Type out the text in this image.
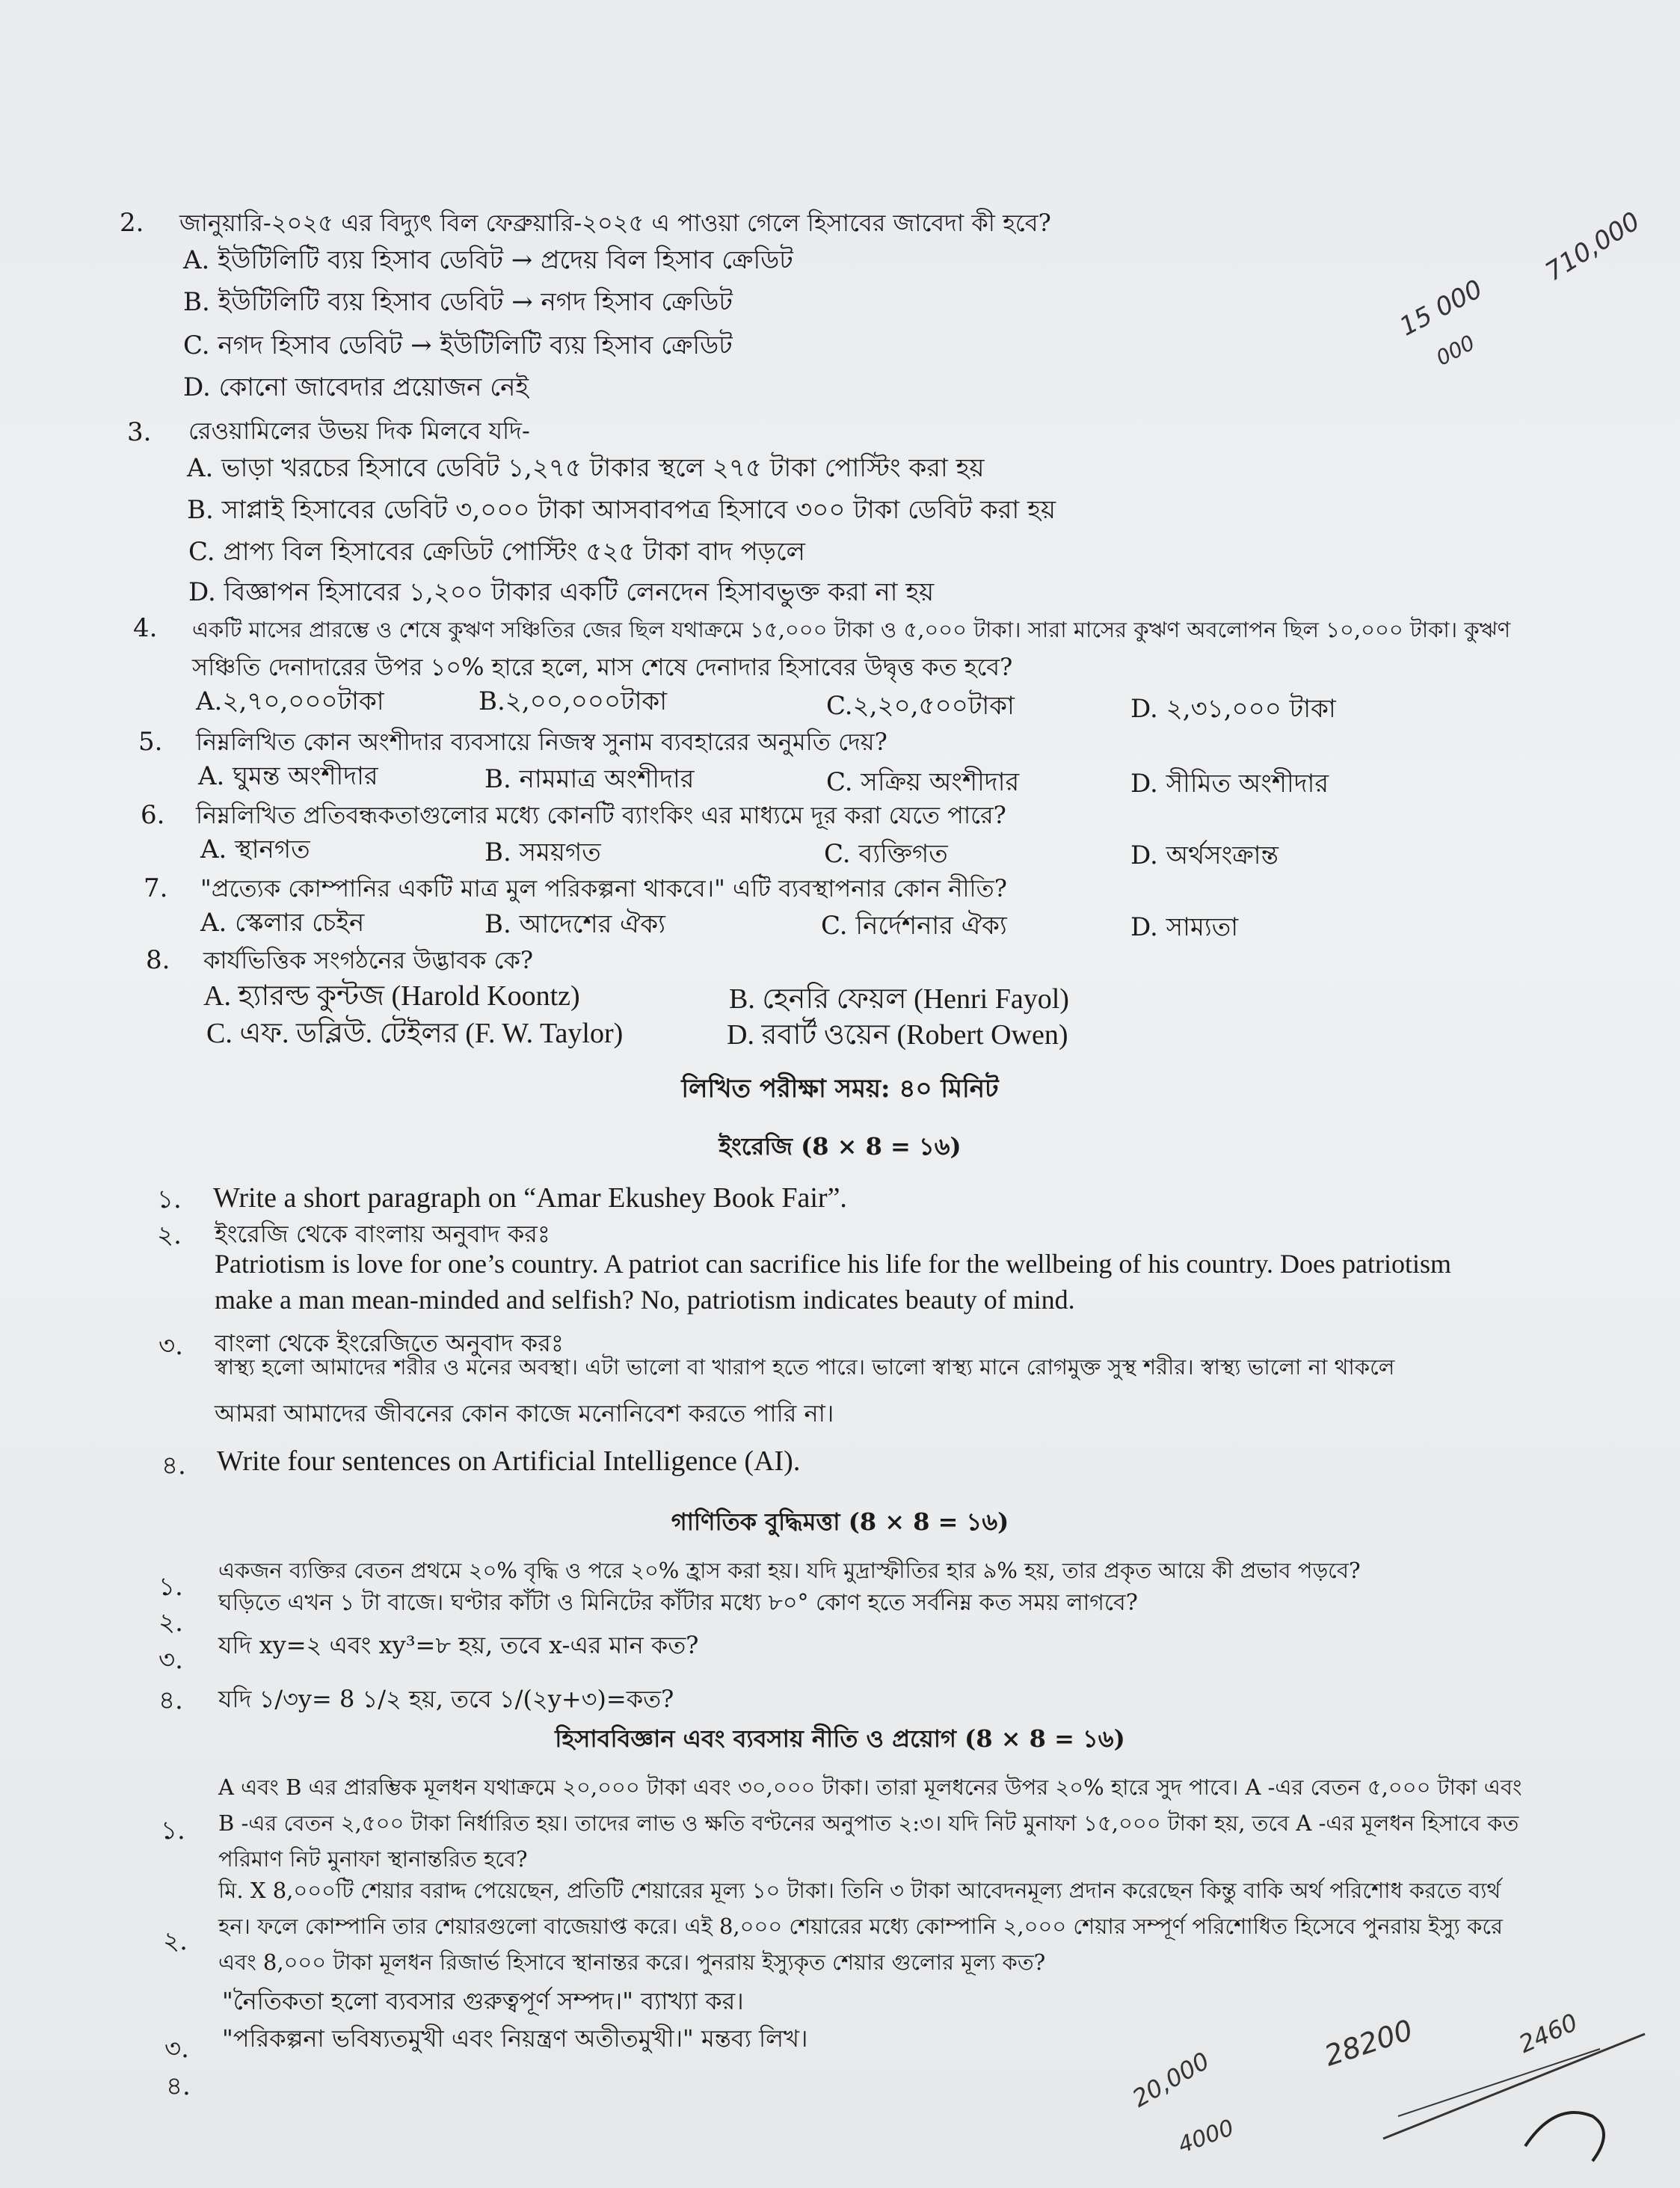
2. জানুয়ারি-২০২৫ এর বিদ্যুৎ বিল ফেব্রুয়ারি-২০২৫ এ পাওয়া গেলে হিসাবের জাবেদা কী হবে?
A. ইউটিলিটি ব্যয় হিসাব ডেবিট → প্রদেয় বিল হিসাব ক্রেডিট
B. ইউটিলিটি ব্যয় হিসাব ডেবিট → নগদ হিসাব ক্রেডিট
C. নগদ হিসাব ডেবিট → ইউটিলিটি ব্যয় হিসাব ক্রেডিট
D. কোনো জাবেদার প্রয়োজন নেই
3. রেওয়ামিলের উভয় দিক মিলবে যদি-
A. ভাড়া খরচের হিসাবে ডেবিট ১,২৭৫ টাকার স্থলে ২৭৫ টাকা পোস্টিং করা হয়
B. সাপ্লাই হিসাবের ডেবিট ৩,০০০ টাকা আসবাবপত্র হিসাবে ৩০০ টাকা ডেবিট করা হয়
C. প্রাপ্য বিল হিসাবের ক্রেডিট পোস্টিং ৫২৫ টাকা বাদ পড়লে
D. বিজ্ঞাপন হিসাবের ১,২০০ টাকার একটি লেনদেন হিসাবভুক্ত করা না হয়
4. একটি মাসের প্রারম্ভে ও শেষে কুঋণ সঞ্চিতির জের ছিল যথাক্রমে ১৫,০০০ টাকা ও ৫,০০০ টাকা। সারা মাসের কুঋণ অবলোপন ছিল ১০,০০০ টাকা। কুঋণ
সঞ্চিতি দেনাদারের উপর ১০% হারে হলে, মাস শেষে দেনাদার হিসাবের উদ্বৃত্ত কত হবে?
A.২,৭০,০০০টাকা	B.২,০০,০০০টাকা	C.২,২০,৫০০টাকা	D. ২,৩১,০০০ টাকা
5. নিম্নলিখিত কোন অংশীদার ব্যবসায়ে নিজস্ব সুনাম ব্যবহারের অনুমতি দেয়?
A. ঘুমন্ত অংশীদার	B. নামমাত্র অংশীদার	C. সক্রিয় অংশীদার	D. সীমিত অংশীদার
6. নিম্নলিখিত প্রতিবন্ধকতাগুলোর মধ্যে কোনটি ব্যাংকিং এর মাধ্যমে দূর করা যেতে পারে?
A. স্থানগত	B. সময়গত	C. ব্যক্তিগত	D. অর্থসংক্রান্ত
7. "প্রত্যেক কোম্পানির একটি মাত্র মুল পরিকল্পনা থাকবে।" এটি ব্যবস্থাপনার কোন নীতি?
A. স্কেলার চেইন	B. আদেশের ঐক্য	C. নির্দেশনার ঐক্য	D. সাম্যতা
8. কার্যভিত্তিক সংগঠনের উদ্ভাবক কে?
A. হ্যারল্ড কুন্টজ (Harold Koontz)	B. হেনরি ফেয়ল (Henri Fayol)
C. এফ. ডব্লিউ. টেইলর (F. W. Taylor)	D. রবার্ট ওয়েন (Robert Owen)
লিখিত পরীক্ষা সময়: ৪০ মিনিট
ইংরেজি (8 × 8 = ১৬)
১. Write a short paragraph on “Amar Ekushey Book Fair”.
২. ইংরেজি থেকে বাংলায় অনুবাদ করঃ
Patriotism is love for one’s country. A patriot can sacrifice his life for the wellbeing of his country. Does patriotism
make a man mean-minded and selfish? No, patriotism indicates beauty of mind.
৩. বাংলা থেকে ইংরেজিতে অনুবাদ করঃ
স্বাস্থ্য হলো আমাদের শরীর ও মনের অবস্থা। এটা ভালো বা খারাপ হতে পারে। ভালো স্বাস্থ্য মানে রোগমুক্ত সুস্থ শরীর। স্বাস্থ্য ভালো না থাকলে
আমরা আমাদের জীবনের কোন কাজে মনোনিবেশ করতে পারি না।
৪. Write four sentences on Artificial Intelligence (AI).
গাণিতিক বুদ্ধিমত্তা (8 × 8 = ১৬)
১.
একজন ব্যক্তির বেতন প্রথমে ২০% বৃদ্ধি ও পরে ২০% হ্রাস করা হয়। যদি মুদ্রাস্ফীতির হার ৯% হয়, তার প্রকৃত আয়ে কী প্রভাব পড়বে?
২.
ঘড়িতে এখন ১ টা বাজে। ঘণ্টার কাঁটা ও মিনিটের কাঁটার মধ্যে ৮০° কোণ হতে সর্বনিম্ন কত সময় লাগবে?
৩. যদি xy=২ এবং xy³=৮ হয়, তবে x-এর মান কত?
৪. যদি ১/৩y= 8 ১/২ হয়, তবে ১/(২y+৩)=কত?
হিসাববিজ্ঞান এবং ব্যবসায় নীতি ও প্রয়োগ (8 × 8 = ১৬)
১.
A এবং B এর প্রারম্ভিক মূলধন যথাক্রমে ২০,০০০ টাকা এবং ৩০,০০০ টাকা। তারা মূলধনের উপর ২০% হারে সুদ পাবে। A -এর বেতন ৫,০০০ টাকা এবং
B -এর বেতন ২,৫০০ টাকা নির্ধারিত হয়। তাদের লাভ ও ক্ষতি বণ্টনের অনুপাত ২:৩। যদি নিট মুনাফা ১৫,০০০ টাকা হয়, তবে A -এর মূলধন হিসাবে কত
পরিমাণ নিট মুনাফা স্থানান্তরিত হবে?
২.
মি. X 8,০০০টি শেয়ার বরাদ্দ পেয়েছেন, প্রতিটি শেয়ারের মূল্য ১০ টাকা। তিনি ৩ টাকা আবেদনমূল্য প্রদান করেছেন কিন্তু বাকি অর্থ পরিশোধ করতে ব্যর্থ
হন। ফলে কোম্পানি তার শেয়ারগুলো বাজেয়াপ্ত করে। এই 8,০০০ শেয়ারের মধ্যে কোম্পানি ২,০০০ শেয়ার সম্পূর্ণ পরিশোধিত হিসেবে পুনরায় ইস্যু করে
এবং 8,০০০ টাকা মূলধন রিজার্ভ হিসাবে স্থানান্তর করে। পুনরায় ইস্যুকৃত শেয়ার গুলোর মূল্য কত?
৩.
"নৈতিকতা হলো ব্যবসার গুরুত্বপূর্ণ সম্পদ।" ব্যাখ্যা কর।
৪.
"পরিকল্পনা ভবিষ্যতমুখী এবং নিয়ন্ত্রণ অতীতমুখী।" মন্তব্য লিখ।
15 000
000
710,000
20,000
28200
4000
2460
